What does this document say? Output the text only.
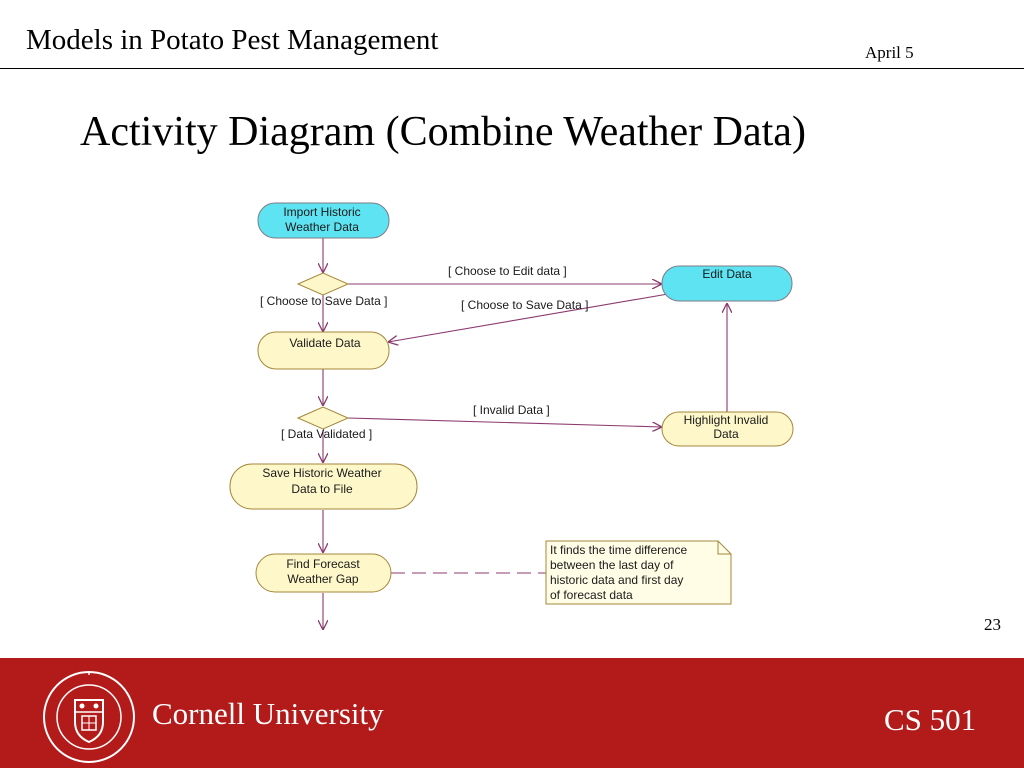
Models in Potato Pest Management	April 5
Activity Diagram (Combine Weather Data)
Import Historic
Weather Data
Edit Data
Validate Data
Highlight Invalid
Data
Save Historic Weather
Data to File
Find Forecast
Weather Gap
It finds the time difference
between the last day of
historic data and first day
of forecast data
[ Choose to Edit data ]
[ Choose to Save Data ]	[ Choose to Save Data ]
[ Invalid Data ]
[ Data Validated ]
23
Cornell University	CS 501
